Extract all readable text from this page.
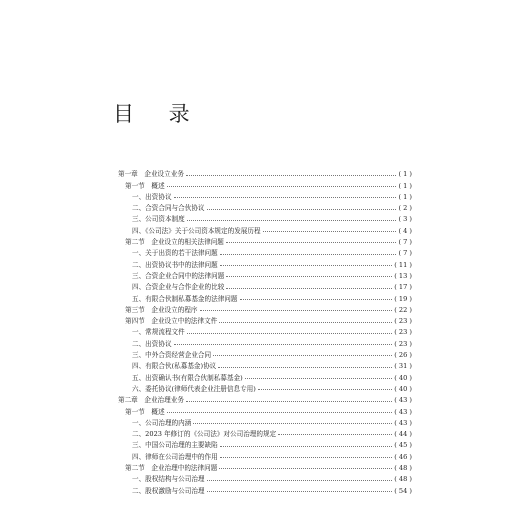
目 录
第一章　企业设立业务	( 1 )
第一节　概述	( 1 )
一、出资协议	( 1 )
二、合资合同与合伙协议	( 2 )
三、公司资本制度	( 3 )
四、《公司法》关于公司资本规定的发展历程	( 4 )
第二节　企业设立的相关法律问题	( 7 )
一、关于出资的若干法律问题	( 7 )
二、出资协议书中的法律问题	( 11 )
三、合资企业合同中的法律问题	( 13 )
四、合资企业与合作企业的比较	( 17 )
五、有限合伙制私募基金的法律问题	( 19 )
第三节　企业设立的程序	( 22 )
第四节　企业设立中的法律文件	( 23 )
一、常规流程文件	( 23 )
二、出资协议	( 23 )
三、中外合资经营企业合同	( 26 )
四、有限合伙(私募基金)协议	( 31 )
五、出资确认书(有限合伙制私募基金)	( 40 )
六、委托协议(律师代表企业注册信息专用)	( 40 )
第二章　企业治理业务	( 43 )
第一节　概述	( 43 )
一、公司治理的内涵	( 43 )
二、2023 年修订的《公司法》对公司治理的规定	( 44 )
三、中国公司治理的主要缺陷	( 45 )
四、律师在公司治理中的作用	( 46 )
第二节　企业治理中的法律问题	( 48 )
一、股权结构与公司治理	( 48 )
二、股权激励与公司治理	( 54 )
